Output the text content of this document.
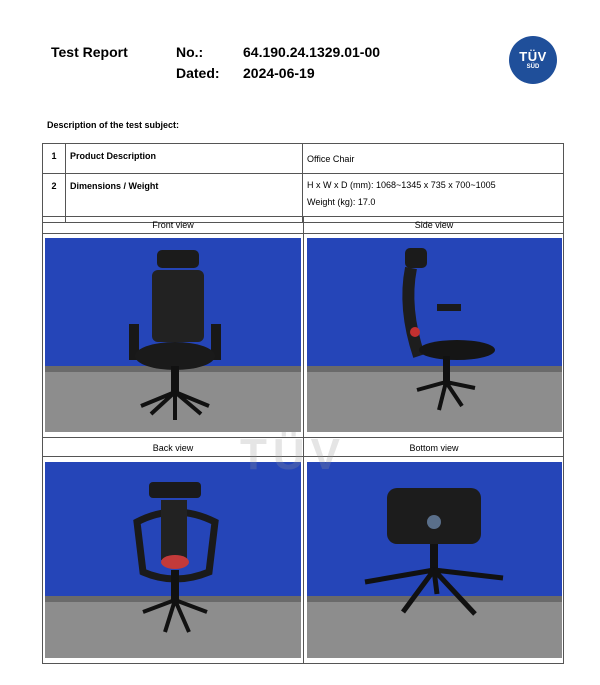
Test Report	No.:	64.190.24.1329.01-00
Dated: 2024-06-19
TÜV
SÜD
Description of the test subject:
1	Product Description	Office Chair

2	Dimensions / Weight	H x W x D (mm): 1068~1345 x 735 x 700~1005
Weight (kg): 17.0
Front view	Side view
Back view	Bottom view
TÜV
